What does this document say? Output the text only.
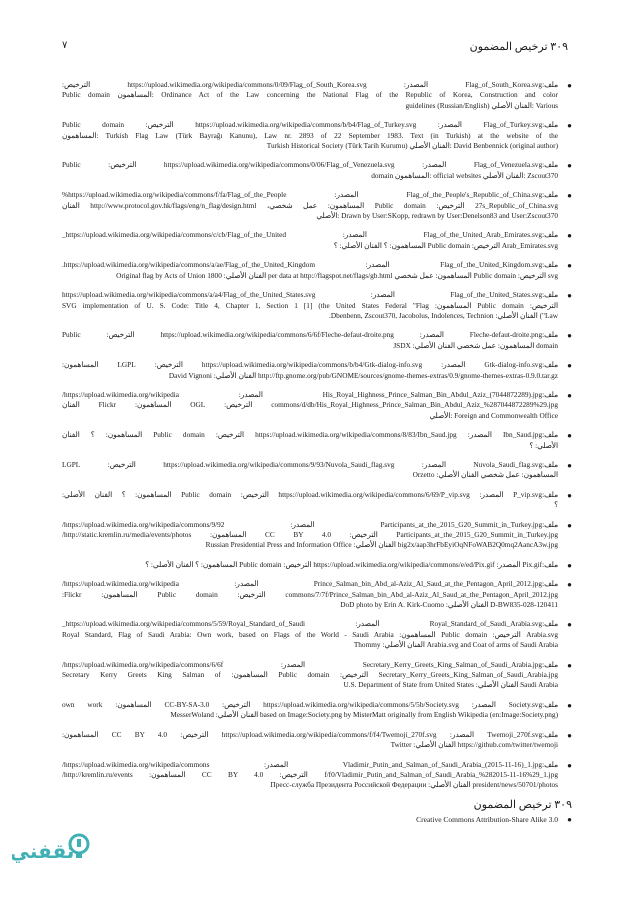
٧	٣٠٩ ترخيص المضمون
●
ملف:Flag_of_South_Korea.svg المصدر: https://upload.wikimedia.org/wikipedia/commons/0/09/Flag_of_South_Korea.svg الترخيص:
Ordinance Act of the Law concerning the National Flag of the Republic of Korea, Construction and color :المساهمون Public domain
Various :الفنان الأصلي guidelines (Russian/English)
●
ملف:Flag_of_Turkey.svg المصدر: https://upload.wikimedia.org/wikipedia/commons/b/b4/Flag_of_Turkey.svg الترخيص: Public domain
Turkish Flag Law (Türk Bayrağı Kanunu), Law nr. 2893 of 22 September 1983. Text (in Turkish) at the website of the :المساهمون
David Benbennick (original author) :الفنان الأصلي Turkish Historical Society (Türk Tarih Kurumu)
●
ملف:Flag_of_Venezuela.svg المصدر: https://upload.wikimedia.org/wikipedia/commons/0/06/Flag_of_Venezuela.svg الترخيص: Public
Zscout370 :الفنان الأصلي official websites :المساهمون domain
●
ملف:Flag_of_the_People's_Republic_of_China.svg المصدر: https://upload.wikimedia.org/wikipedia/commons/f/fa/Flag_of_the_People%
27s_Republic_of_China.svg الترخيص: Public domain المساهمون: عمل شخصي، http://www.protocol.gov.hk/flags/eng/n_flag/design.html الفنان
Drawn by User:SKopp, redrawn by User:Denelson83 and User:Zscout370 :الأصلي
●
ملف:Flag_of_the_United_Arab_Emirates.svg المصدر: https://upload.wikimedia.org/wikipedia/commons/c/cb/Flag_of_the_United_
Arab_Emirates.svg الترخيص: Public domain المساهمون: ؟ الفنان الأصلي: ؟
●
ملف:Flag_of_the_United_Kingdom.svg المصدر: https://upload.wikimedia.org/wikipedia/commons/a/ae/Flag_of_the_United_Kingdom.
svg الترخيص: Public domain المساهمون: عمل شخصي per data at http://flagspot.net/flags/gb.html الفنان الأصلي: Original flag by Acts of Union 1800
●
ملف:Flag_of_the_United_States.svg المصدر: https://upload.wikimedia.org/wikipedia/commons/a/a4/Flag_of_the_United_States.svg
الترخيص: Public domain المساهمون: SVG implementation of U. S. Code: Title 4, Chapter 1, Section 1 [1] (the United States Federal "Flag
Law") الفنان الأصلي: Dbenbenn, Zscout370, Jacobolus, Indolences, Technion.
●
ملف:Fleche-defaut-droite.png المصدر: https://upload.wikimedia.org/wikipedia/commons/6/6f/Fleche-defaut-droite.png الترخيص: Public
domain المساهمون: عمل شخصي الفنان الأصلي: JSDX
●
ملف:Gtk-dialog-info.svg المصدر: https://upload.wikimedia.org/wikipedia/commons/b/b4/Gtk-dialog-info.svg الترخيص: LGPL المساهمون:
http://ftp.gnome.org/pub/GNOME/sources/gnome-themes-extras/0.9/gnome-themes-extras-0.9.0.tar.gz الفنان الأصلي: David Vignoni
●
ملف:His_Royal_Highness_Prince_Salman_Bin_Abdul_Aziz_(7044872289).jpg المصدر: https://upload.wikimedia.org/wikipedia/
commons/d/db/His_Royal_Highness_Prince_Salman_Bin_Abdul_Aziz_%287044872289%29.jpg الترخيص: OGL المساهمون: Flickr الفنان
Foreign and Commonwealth Office :الأصلي
●
ملف:Ibn_Saud.jpg المصدر: https://upload.wikimedia.org/wikipedia/commons/8/83/Ibn_Saud.jpg الترخيص: Public domain المساهمون: ؟ الفنان
الأصلي: ؟
●
ملف:Nuvola_Saudi_flag.svg المصدر: https://upload.wikimedia.org/wikipedia/commons/9/93/Nuvola_Saudi_flag.svg الترخيص: LGPL
المساهمون: عمل شخصي الفنان الأصلي: Orzetto
●
ملف:P_vip.svg المصدر: https://upload.wikimedia.org/wikipedia/commons/6/69/P_vip.svg الترخيص: Public domain المساهمون: ؟ الفنان الأصلي:
؟
●
ملف:Participants_at_the_2015_G20_Summit_in_Turkey.jpg المصدر: https://upload.wikimedia.org/wikipedia/commons/9/92/
Participants_at_the_2015_G20_Summit_in_Turkey.jpg الترخيص: CC BY 4.0 المساهمون: http://static.kremlin.ru/media/events/photos/
big2x/aap3hrFbEyiOqNFoWAB2Q0mq2AancA3w.jpg الفنان الأصلي: Russian Presidential Press and Information Office
●
ملف:Pix.gif المصدر: https://upload.wikimedia.org/wikipedia/commons/e/ed/Pix.gif الترخيص: Public domain المساهمون: ؟ الفنان الأصلي: ؟
●
ملف:Prince_Salman_bin_Abd_al-Aziz_Al_Saud_at_the_Pentagon_April_2012.jpg المصدر: https://upload.wikimedia.org/wikipedia/
commons/7/7f/Prince_Salman_bin_Abd_al-Aziz_Al_Saud_at_the_Pentagon_April_2012.jpg الترخيص: Public domain المساهمون: Flickr:
120411-D-BW835-028 الفنان الأصلي: DoD photo by Erin A. Kirk-Cuomo
●
ملف:Royal_Standard_of_Saudi_Arabia.svg المصدر: https://upload.wikimedia.org/wikipedia/commons/5/59/Royal_Standard_of_Saudi_
Arabia.svg الترخيص: Public domain المساهمون: Royal Standard, Flag of Saudi Arabia: Own work, based on Flags of the World - Saudi Arabia
Arabia.svg and Coat of arms of Saudi Arabia الفنان الأصلي: Thommy
●
ملف:Secretary_Kerry_Greets_King_Salman_of_Saudi_Arabia.jpg المصدر: https://upload.wikimedia.org/wikipedia/commons/6/6f/
Secretary_Kerry_Greets_King_Salman_of_Saudi_Arabia.jpg الترخيص: Public domain المساهمون: Secretary Kerry Greets King Salman of
Saudi Arabia الفنان الأصلي: U.S. Department of State from United States
●
ملف:Society.svg المصدر: https://upload.wikimedia.org/wikipedia/commons/5/5b/Society.svg الترخيص: CC-BY-SA-3.0 المساهمون: own work
(en:Image:Society.png) based on Image:Society.png by MisterMatt originally from English Wikipedia الفنان الأصلي: MesserWoland
●
ملف:Twemoji_270f.svg المصدر: https://upload.wikimedia.org/wikipedia/commons/f/f4/Twemoji_270f.svg الترخيص: CC BY 4.0 المساهمون:
https://github.com/twitter/twemoji الفنان الأصلي: Twitter
●
ملف:Vladimir_Putin_and_Salman_of_Saudi_Arabia_(2015-11-16)_1.jpg المصدر: https://upload.wikimedia.org/wikipedia/commons/
f/f0/Vladimir_Putin_and_Salman_of_Saudi_Arabia_%282015-11-16%29_1.jpg الترخيص: CC BY 4.0 المساهمون: http://kremlin.ru/events/
president/news/50701/photos الفنان الأصلي: Пресс-служба Президента Российской Федерации
٣٠٩ ترخيص المضمون
●
Creative Commons Attribution-Share Alike 3.0
ثقفني
